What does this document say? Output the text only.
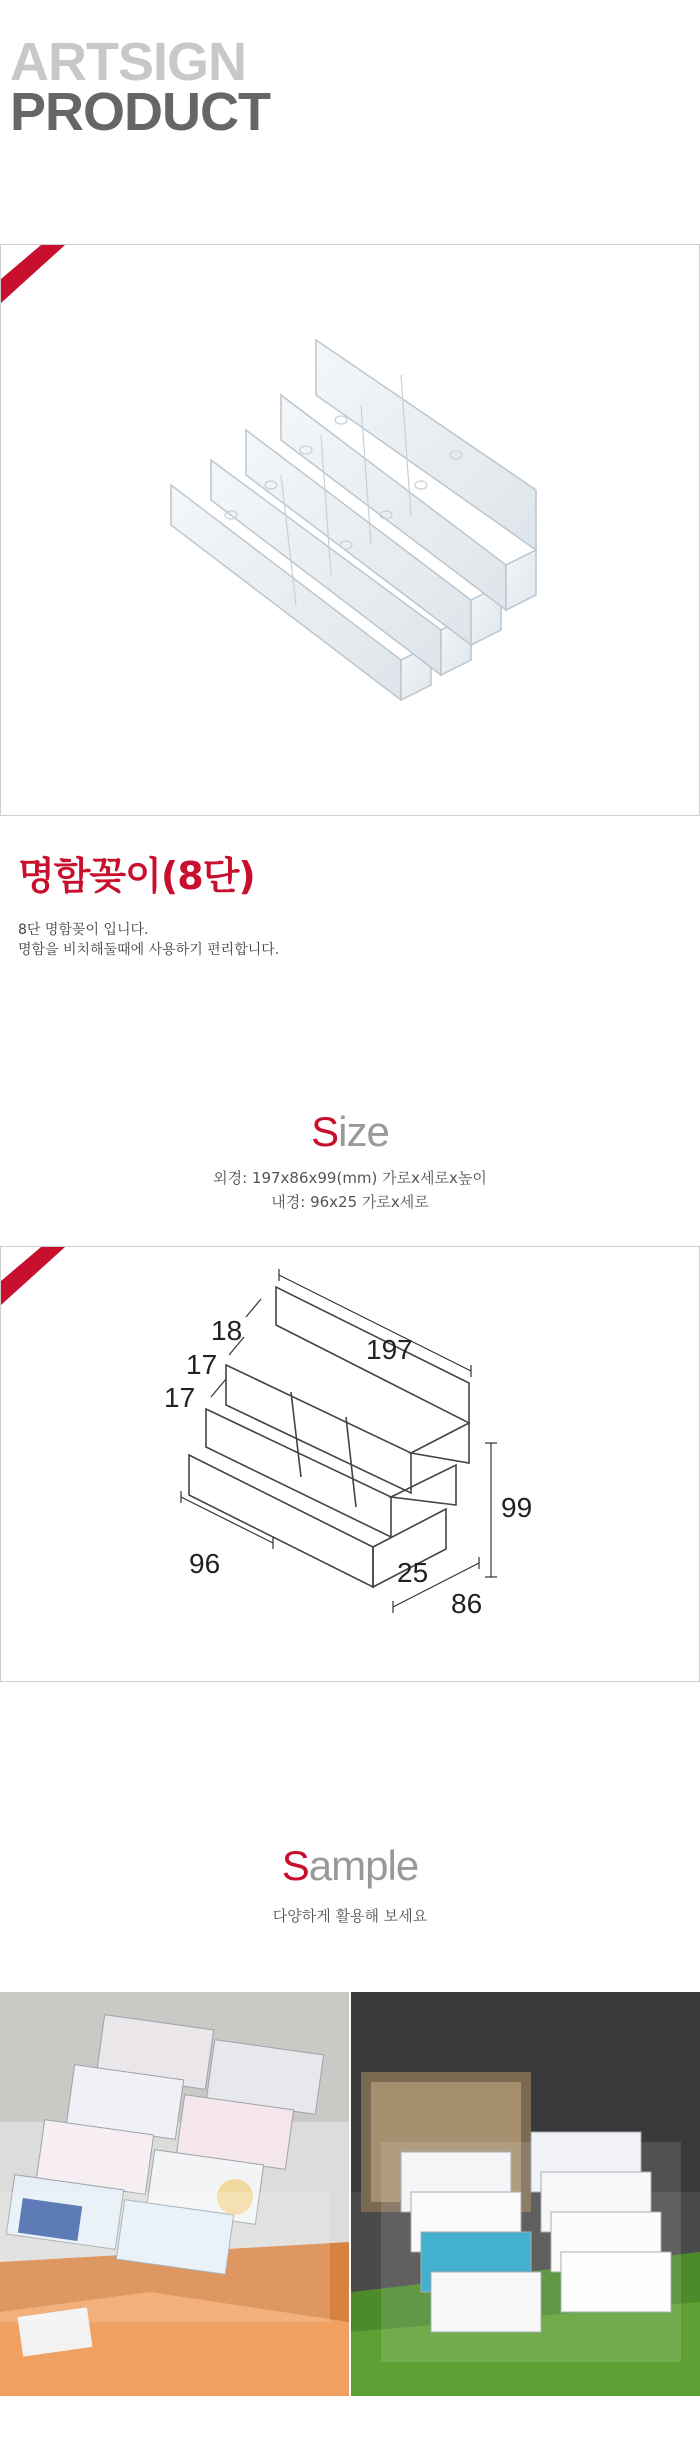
ARTSIGN
PRODUCT
명함꽂이(8단)
8단 명함꽂이 입니다.
명함을 비치해둘때에 사용하기 편리합니다.
Size
외경: 197x86x99(mm) 가로x세로x높이
내경: 96x25 가로x세로
18
17
17
197
99
96	25
86
Sample
다양하게 활용해 보세요
